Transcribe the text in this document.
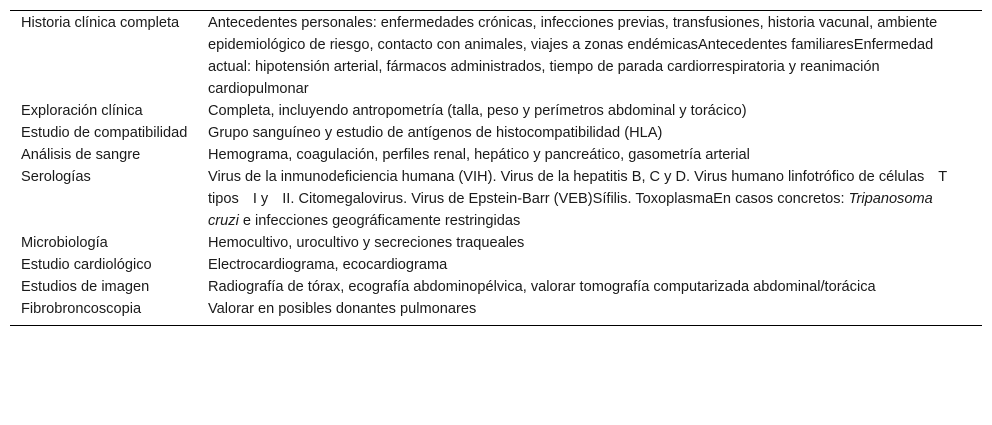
Historia clínica completa	Antecedentes personales: enfermedades crónicas, infecciones previas, transfusiones, historia vacunal, ambiente epidemiológico de riesgo, contacto con animales, viajes a zonas endémicasAntecedentes familiaresEnfermedad actual: hipotensión arterial, fármacos administrados, tiempo de parada cardiorrespiratoria y reanimación cardiopulmonar
Exploración clínica	Completa, incluyendo antropometría (talla, peso y perímetros abdominal y torácico)
Estudio de compatibilidad	Grupo sanguíneo y estudio de antígenos de histocompatibilidad (HLA)
Análisis de sangre	Hemograma, coagulación, perfiles renal, hepático y pancreático, gasometría arterial
Serologías	Virus de la inmunodeficiencia humana (VIH). Virus de la hepatitis B, C y D. Virus humano linfotrófico de células T tipos I y II. Citomegalovirus. Virus de Epstein-Barr (VEB)Sífilis. ToxoplasmaEn casos concretos: Tripanosoma cruzi e infecciones geográficamente restringidas
Microbiología	Hemocultivo, urocultivo y secreciones traqueales
Estudio cardiológico	Electrocardiograma, ecocardiograma
Estudios de imagen	Radiografía de tórax, ecografía abdominopélvica, valorar tomografía computarizada abdominal/torácica
Fibrobroncoscopia	Valorar en posibles donantes pulmonares
